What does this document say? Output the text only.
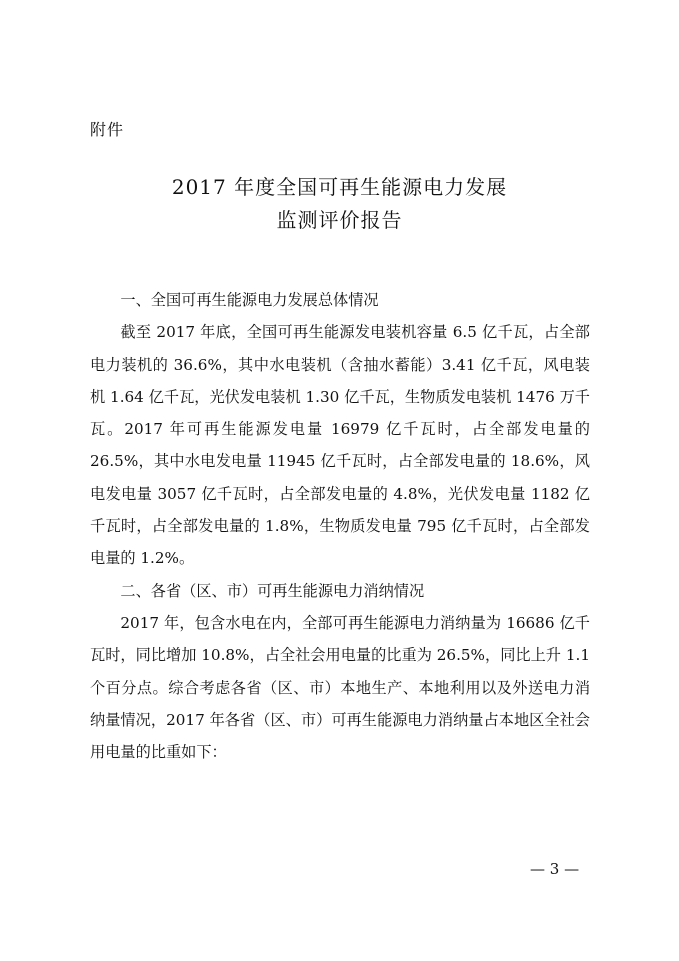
附件
2017 年度全国可再生能源电力发展
监测评价报告

一、全国可再生能源电力发展总体情况

截至 2017 年底，全国可再生能源发电装机容量 6.5 亿千瓦，占全部电力装机的 36.6%，其中水电装机（含抽水蓄能）3.41 亿千瓦，风电装机 1.64 亿千瓦，光伏发电装机 1.30 亿千瓦，生物质发电装机 1476 万千瓦。2017 年可再生能源发电量 16979 亿千瓦时，占全部发电量的 26.5%，其中水电发电量 11945 亿千瓦时，占全部发电量的 18.6%，风电发电量 3057 亿千瓦时，占全部发电量的 4.8%，光伏发电量 1182 亿千瓦时，占全部发电量的 1.8%，生物质发电量 795 亿千瓦时，占全部发电量的 1.2%。

二、各省（区、市）可再生能源电力消纳情况

2017 年，包含水电在内，全部可再生能源电力消纳量为 16686 亿千瓦时，同比增加 10.8%，占全社会用电量的比重为 26.5%，同比上升 1.1 个百分点。综合考虑各省（区、市）本地生产、本地利用以及外送电力消纳量情况，2017 年各省（区、市）可再生能源电力消纳量占本地区全社会用电量的比重如下：

— 3 —
